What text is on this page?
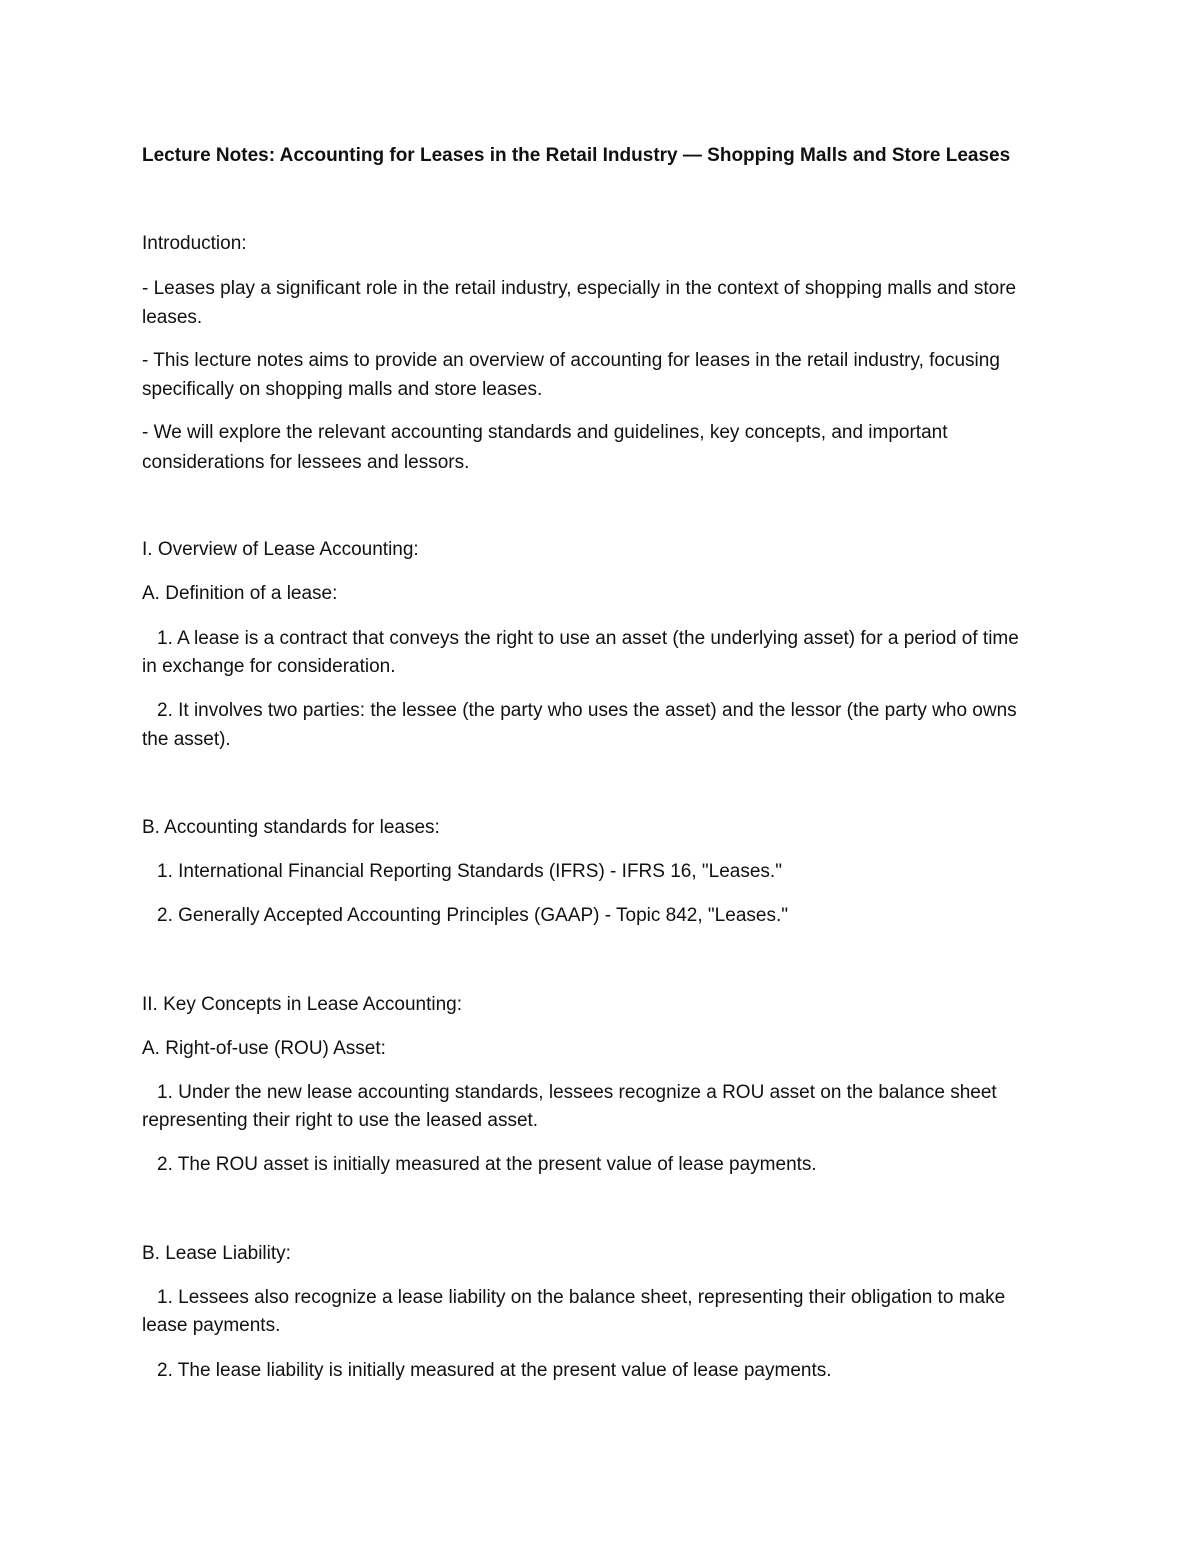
Lecture Notes: Accounting for Leases in the Retail Industry — Shopping Malls and Store Leases
Introduction:
- Leases play a significant role in the retail industry, especially in the context of shopping malls and store
leases.
- This lecture notes aims to provide an overview of accounting for leases in the retail industry, focusing
specifically on shopping malls and store leases.
- We will explore the relevant accounting standards and guidelines, key concepts, and important
considerations for lessees and lessors.
I. Overview of Lease Accounting:
A. Definition of a lease:
1. A lease is a contract that conveys the right to use an asset (the underlying asset) for a period of time
in exchange for consideration.
2. It involves two parties: the lessee (the party who uses the asset) and the lessor (the party who owns
the asset).
B. Accounting standards for leases:
1. International Financial Reporting Standards (IFRS) - IFRS 16, "Leases."
2. Generally Accepted Accounting Principles (GAAP) - Topic 842, "Leases."
II. Key Concepts in Lease Accounting:
A. Right-of-use (ROU) Asset:
1. Under the new lease accounting standards, lessees recognize a ROU asset on the balance sheet
representing their right to use the leased asset.
2. The ROU asset is initially measured at the present value of lease payments.
B. Lease Liability:
1. Lessees also recognize a lease liability on the balance sheet, representing their obligation to make
lease payments.
2. The lease liability is initially measured at the present value of lease payments.
